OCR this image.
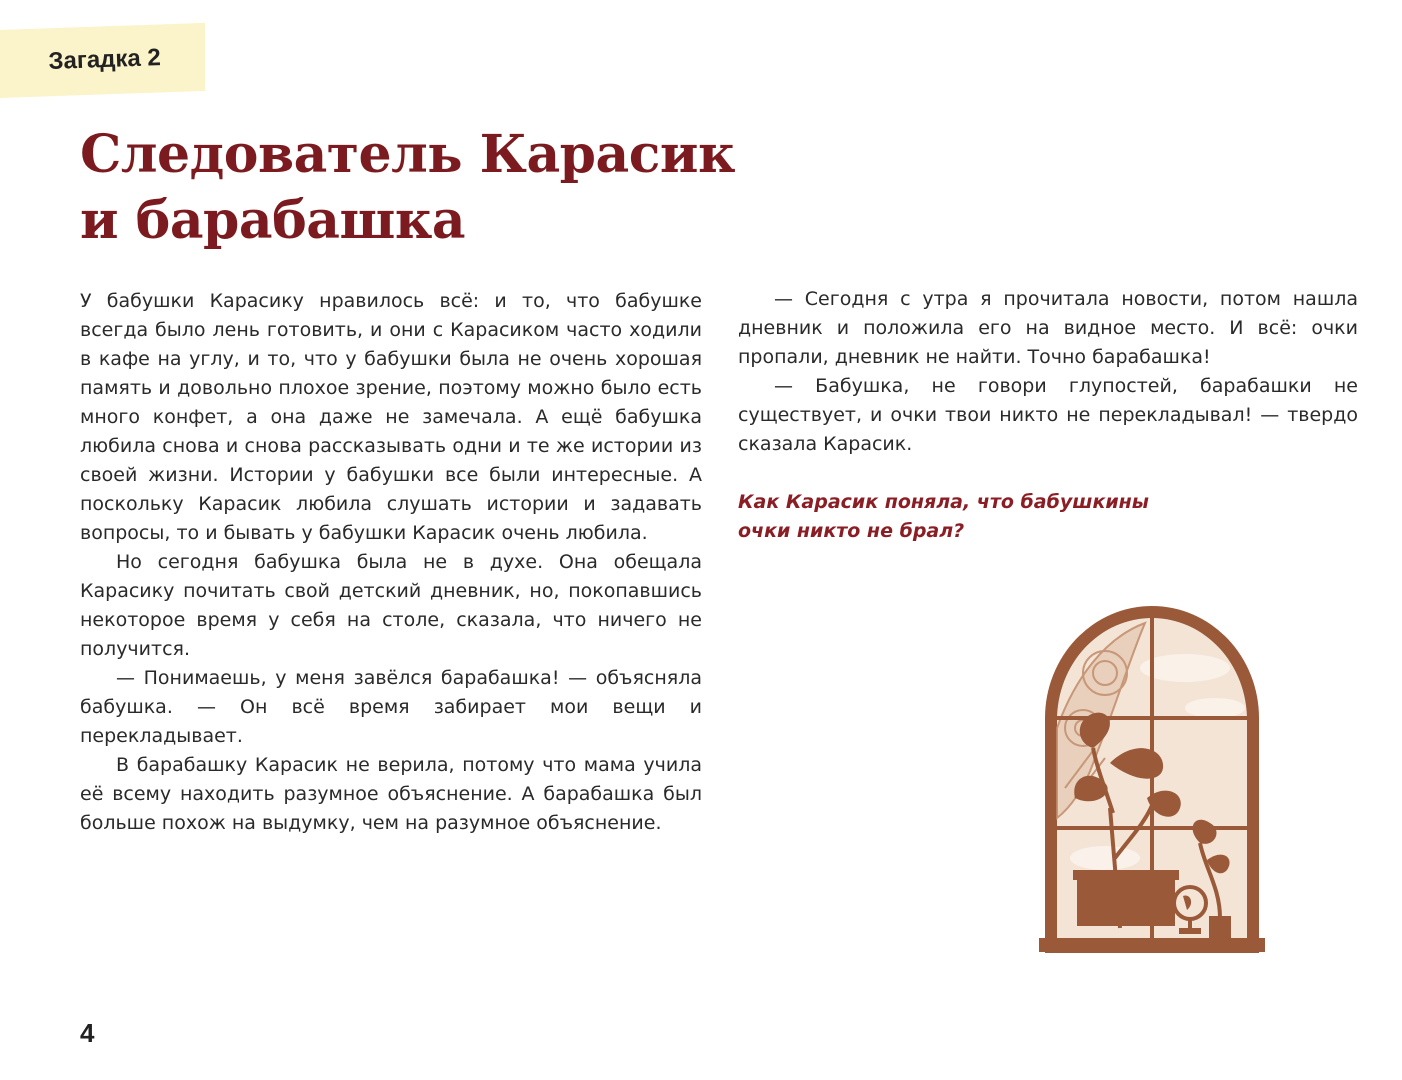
Загадка 2
Следователь Карасик
и барабашка

У бабушки Карасику нравилось всё: и то, что бабушке всегда было лень готовить, и они с Карасиком часто ходили в кафе на углу, и то, что у бабушки была не очень хорошая память и довольно плохое зрение, поэтому можно было есть много конфет, а она даже не замечала. А ещё бабушка любила снова и снова рассказывать одни и те же истории из своей жизни. Истории у бабушки все были интересные. А поскольку Карасик любила слушать истории и задавать вопросы, то и бывать у бабушки Карасик очень любила.

Но сегодня бабушка была не в духе. Она обещала Карасику почитать свой детский дневник, но, покопавшись некоторое время у себя на столе, сказала, что ничего не получится.

— Понимаешь, у меня завёлся барабашка! — объясняла бабушка. — Он всё время забирает мои вещи и перекладывает.

В барабашку Карасик не верила, потому что мама учила её всему находить разумное объяснение. А барабашка был больше похож на выдумку, чем на разумное объяснение.

— Сегодня с утра я прочитала новости, потом нашла дневник и положила его на видное место. И всё: очки пропали, дневник не найти. Точно барабашка!

— Бабушка, не говори глупостей, барабашки не существует, и очки твои никто не перекладывал! — твердо сказала Карасик.

Как Карасик поняла, что бабушкины
очки никто не брал?
4
